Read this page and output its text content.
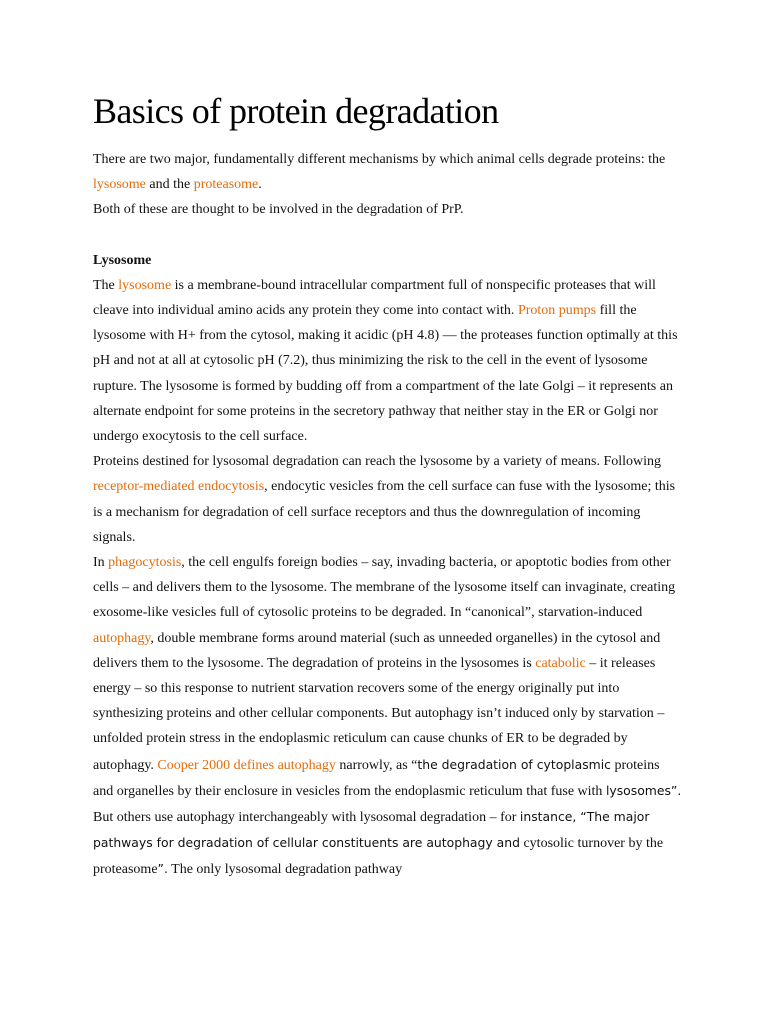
Basics of protein degradation

There are two major, fundamentally different mechanisms by which animal cells degrade proteins: the lysosome and the proteasome.

Both of these are thought to be involved in the degradation of PrP.

Lysosome

The lysosome is a membrane-bound intracellular compartment full of nonspecific proteases that will cleave into individual amino acids any protein they come into contact with. Proton pumps fill the lysosome with H+ from the cytosol, making it acidic (pH 4.8) — the proteases function optimally at this pH and not at all at cytosolic pH (7.2), thus minimizing the risk to the cell in the event of lysosome rupture. The lysosome is formed by budding off from a compartment of the late Golgi – it represents an alternate endpoint for some proteins in the secretory pathway that neither stay in the ER or Golgi nor undergo exocytosis to the cell surface.

Proteins destined for lysosomal degradation can reach the lysosome by a variety of means. Following receptor-mediated endocytosis, endocytic vesicles from the cell surface can fuse with the lysosome; this is a mechanism for degradation of cell surface receptors and thus the downregulation of incoming signals.

In phagocytosis, the cell engulfs foreign bodies – say, invading bacteria, or apoptotic bodies from other cells – and delivers them to the lysosome. The membrane of the lysosome itself can invaginate, creating exosome-like vesicles full of cytosolic proteins to be degraded. In “canonical”, starvation-induced autophagy, double membrane forms around material (such as unneeded organelles) in the cytosol and delivers them to the lysosome. The degradation of proteins in the lysosomes is catabolic – it releases energy – so this response to nutrient starvation recovers some of the energy originally put into synthesizing proteins and other cellular components. But autophagy isn’t induced only by starvation – unfolded protein stress in the endoplasmic reticulum can cause chunks of ER to be degraded by autophagy. Cooper 2000 defines autophagy narrowly, as “the degradation of cytoplasmic proteins and organelles by their enclosure in vesicles from the endoplasmic reticulum that fuse with lysosomes”. But others use autophagy interchangeably with lysosomal degradation – for instance, “The major pathways for degradation of cellular constituents are autophagy and cytosolic turnover by the proteasome”. The only lysosomal degradation pathway
